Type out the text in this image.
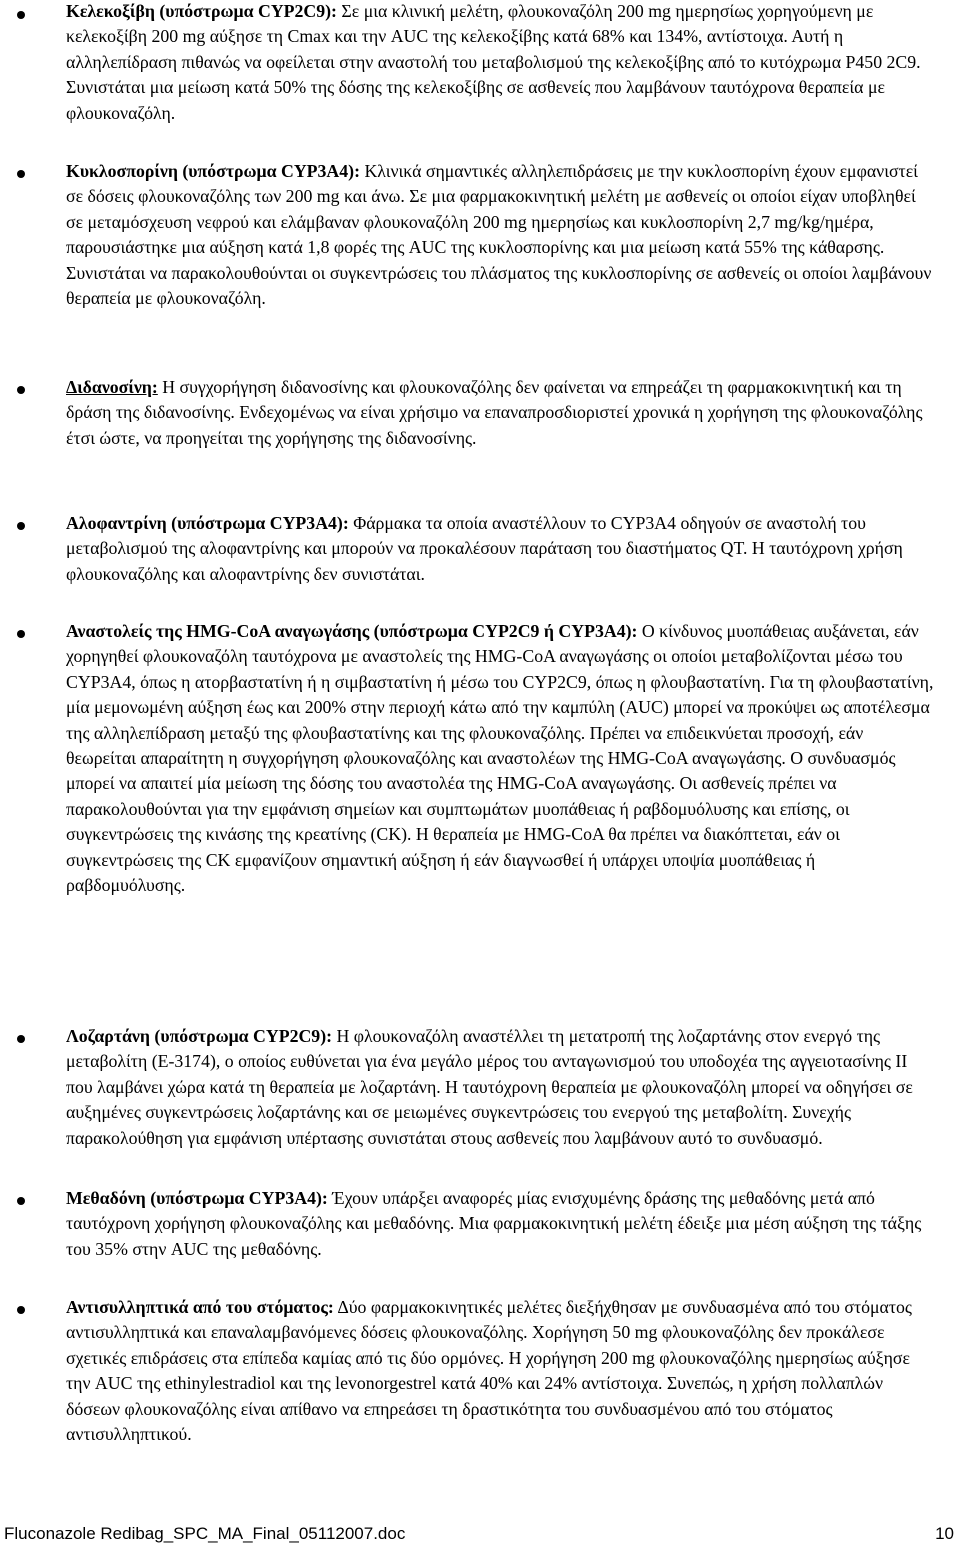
Κελεκοξίβη (υπόστρωμα CYP2C9): Σε μια κλινική μελέτη, φλουκοναζόλη 200 mg ημερησίως χορηγούμενη με κελεκοξίβη 200 mg αύξησε τη Cmax και την AUC της κελεκοξίβης κατά 68% και 134%, αντίστοιχα. Αυτή η αλληλεπίδραση πιθανώς να οφείλεται στην αναστολή του μεταβολισμού της κελεκοξίβης από το κυτόχρωμα P450 2C9. Συνιστάται μια μείωση κατά 50% της δόσης της κελεκοξίβης σε ασθενείς που λαμβάνουν ταυτόχρονα θεραπεία με φλουκοναζόλη.
Κυκλοσπορίνη (υπόστρωμα CYP3A4): Κλινικά σημαντικές αλληλεπιδράσεις με την κυκλοσπορίνη έχουν εμφανιστεί σε δόσεις φλουκοναζόλης των 200 mg και άνω. Σε μια φαρμακοκινητική μελέτη με ασθενείς οι οποίοι είχαν υποβληθεί σε μεταμόσχευση νεφρού και ελάμβαναν φλουκοναζόλη 200 mg ημερησίως και κυκλοσπορίνη 2,7 mg/kg/ημέρα, παρουσιάστηκε μια αύξηση κατά 1,8 φορές της AUC της κυκλοσπορίνης και μια μείωση κατά 55% της κάθαρσης. Συνιστάται να παρακολουθούνται οι συγκεντρώσεις του πλάσματος της κυκλοσπορίνης σε ασθενείς οι οποίοι λαμβάνουν θεραπεία με φλουκοναζόλη.
Διδανοσίνη: Η συγχορήγηση διδανοσίνης και φλουκοναζόλης δεν φαίνεται να επηρεάζει τη φαρμακοκινητική και τη δράση της διδανοσίνης. Ενδεχομένως να είναι χρήσιμο να επαναπροσδιοριστεί χρονικά η χορήγηση της φλουκοναζόλης έτσι ώστε, να προηγείται της χορήγησης της διδανοσίνης.
Αλοφαντρίνη (υπόστρωμα CYP3A4): Φάρμακα τα οποία αναστέλλουν το CYP3A4 οδηγούν σε αναστολή του μεταβολισμού της αλοφαντρίνης και μπορούν να προκαλέσουν παράταση του διαστήματος QT. Η ταυτόχρονη χρήση φλουκοναζόλης και αλοφαντρίνης δεν συνιστάται.
Αναστολείς της HMG-CoA αναγωγάσης (υπόστρωμα CYP2C9 ή CYP3A4): Ο κίνδυνος μυοπάθειας αυξάνεται, εάν χορηγηθεί φλουκοναζόλη ταυτόχρονα με αναστολείς της HMG-CoA αναγωγάσης οι οποίοι μεταβολίζονται μέσω του CYP3A4, όπως η ατορβαστατίνη ή η σιμβαστατίνη ή μέσω του CYP2C9, όπως η φλουβαστατίνη. Για τη φλουβαστατίνη, μία μεμονωμένη αύξηση έως και 200% στην περιοχή κάτω από την καμπύλη (AUC) μπορεί να προκύψει ως αποτέλεσμα της αλληλεπίδραση μεταξύ της φλουβαστατίνης και της φλουκοναζόλης. Πρέπει να επιδεικνύεται προσοχή, εάν θεωρείται απαραίτητη η συγχορήγηση φλουκοναζόλης και αναστολέων της HMG-CoA αναγωγάσης. Ο συνδυασμός μπορεί να απαιτεί μία μείωση της δόσης του αναστολέα της HMG-CoA αναγωγάσης. Οι ασθενείς πρέπει να παρακολουθούνται για την εμφάνιση σημείων και συμπτωμάτων μυοπάθειας ή ραβδομυόλυσης και επίσης, οι συγκεντρώσεις της κινάσης της κρεατίνης (CK). Η θεραπεία με HMG-CoA θα πρέπει να διακόπτεται, εάν οι συγκεντρώσεις της CK εμφανίζουν σημαντική αύξηση ή εάν διαγνωσθεί ή υπάρχει υποψία μυοπάθειας ή ραβδομυόλυσης.
Λοζαρτάνη (υπόστρωμα CYP2C9): Η φλουκοναζόλη αναστέλλει τη μετατροπή της λοζαρτάνης στον ενεργό της μεταβολίτη (E-3174), ο οποίος ευθύνεται για ένα μεγάλο μέρος του ανταγωνισμού του υποδοχέα της αγγειοτασίνης II που λαμβάνει χώρα κατά τη θεραπεία με λοζαρτάνη. Η ταυτόχρονη θεραπεία με φλουκοναζόλη μπορεί να οδηγήσει σε αυξημένες συγκεντρώσεις λοζαρτάνης και σε μειωμένες συγκεντρώσεις του ενεργού της μεταβολίτη. Συνεχής παρακολούθηση για εμφάνιση υπέρτασης συνιστάται στους ασθενείς που λαμβάνουν αυτό το συνδυασμό.
Μεθαδόνη (υπόστρωμα CYP3A4): Έχουν υπάρξει αναφορές μίας ενισχυμένης δράσης της μεθαδόνης μετά από ταυτόχρονη χορήγηση φλουκοναζόλης και μεθαδόνης. Μια φαρμακοκινητική μελέτη έδειξε μια μέση αύξηση της τάξης του 35% στην AUC της μεθαδόνης.
Αντισυλληπτικά από του στόματος: Δύο φαρμακοκινητικές μελέτες διεξήχθησαν με συνδυασμένα από του στόματος αντισυλληπτικά και επαναλαμβανόμενες δόσεις φλουκοναζόλης. Χορήγηση 50 mg φλουκοναζόλης δεν προκάλεσε σχετικές επιδράσεις στα επίπεδα καμίας από τις δύο ορμόνες. Η χορήγηση 200 mg φλουκοναζόλης ημερησίως αύξησε την AUC της ethinylestradiol και της levonorgestrel κατά 40% και 24% αντίστοιχα. Συνεπώς, η χρήση πολλαπλών δόσεων φλουκοναζόλης είναι απίθανο να επηρεάσει τη δραστικότητα του συνδυασμένου από του στόματος αντισυλληπτικού.
Fluconazole Redibag_SPC_MA_Final_05112007.doc	10
